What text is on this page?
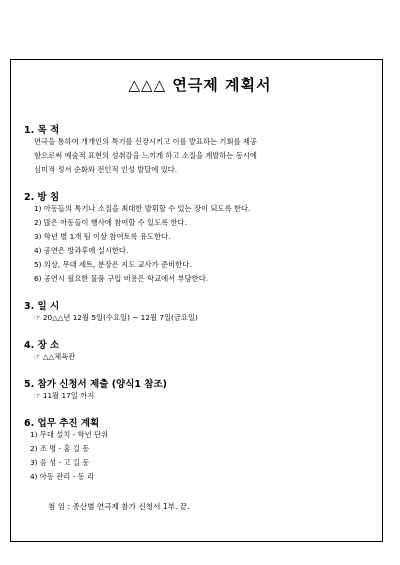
△△△ 연극제 계획서
1. 목 적
연극을 통하여 개개인의 특기를 신장시키고 이를 발표하는 기회를 제공
함으로써 예술적 표현의 성취감을 느끼게 하고 소질을 계발하는 동시에
심미적 정서 순화와 전인적 인성 발달에 있다.
2. 방 침
1) 아동들의 특기나 소질을 최대한 발휘할 수 있는 장이 되도록 한다.
2) 많은 아동들이 행사에 참여할 수 있도록 한다.
3) 학년 별 1개 팀 이상 참여토록 유도한다.
4) 공연은 방과후에 실시한다.
5) 의상, 무대 세트, 분장은 지도 교사가 준비한다.
6) 공연시 필요한 물품 구입 비용은 학교에서 부담한다.
3. 일 시
☞ 20△△년 12월 5일(수요일) ~ 12월 7일(금요일)
4. 장 소
☞ △△체육관
5. 참가 신청서 제출 (양식1 참조)
☞ 11월 17일 까지
6. 업무 추진 계획
1) 무대 설치 - 학년 단위
2) 조 명 - 홍 길 동
3) 음 성 - 고 길 동
4) 아동 관리 - 동 리
첨 임 : 종산별 연극제 참가 신청서 1부. 끝.
